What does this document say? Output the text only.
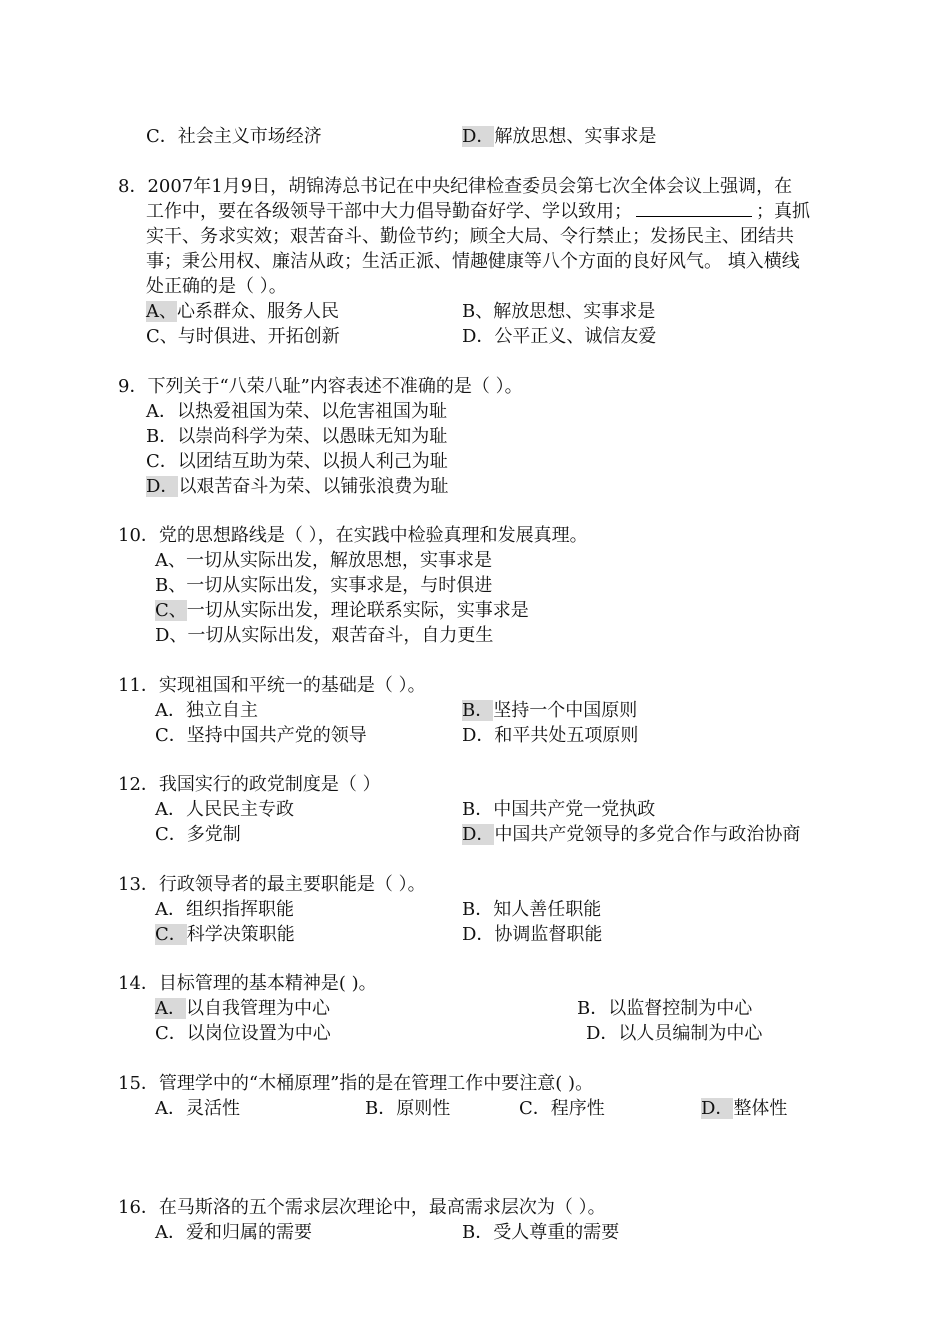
C．社会主义市场经济	D．解放思想、实事求是
8．2007年1月9日，胡锦涛总书记在中央纪律检查委员会第七次全体会议上强调，在
工作中，要在各级领导干部中大力倡导勤奋好学、学以致用；	；真抓
实干、务求实效；艰苦奋斗、勤俭节约；顾全大局、令行禁止；发扬民主、团结共
事；秉公用权、廉洁从政；生活正派、情趣健康等八个方面的良好风气。 填入横线
处正确的是（ ）。
A、心系群众、服务人民	B、解放思想、实事求是
C、与时俱进、开拓创新	D．公平正义、诚信友爱
9．下列关于“八荣八耻”内容表述不准确的是（ ）。
A．以热爱祖国为荣、以危害祖国为耻
B．以崇尚科学为荣、以愚昧无知为耻
C．以团结互助为荣、以损人利己为耻
D．以艰苦奋斗为荣、以铺张浪费为耻
10．党的思想路线是（ ），在实践中检验真理和发展真理。
A、一切从实际出发，解放思想，实事求是
B、一切从实际出发，实事求是，与时俱进
C、一切从实际出发，理论联系实际，实事求是
D、一切从实际出发，艰苦奋斗，自力更生
11．实现祖国和平统一的基础是（ ）。
A．独立自主	B．坚持一个中国原则
C．坚持中国共产党的领导	D．和平共处五项原则
12．我国实行的政党制度是（ ）
A．人民民主专政	B．中国共产党一党执政
C．多党制	D．中国共产党领导的多党合作与政治协商
13．行政领导者的最主要职能是（ ）。
A．组织指挥职能	B．知人善任职能
C．科学决策职能	D．协调监督职能
14．目标管理的基本精神是( )。
A．以自我管理为中心	B．以监督控制为中心
C．以岗位设置为中心	D．以人员编制为中心
15．管理学中的“木桶原理”指的是在管理工作中要注意( )。
A．灵活性	B．原则性	C．程序性	D．整体性
16．在马斯洛的五个需求层次理论中，最高需求层次为（ ）。
A．爱和归属的需要	B．受人尊重的需要
